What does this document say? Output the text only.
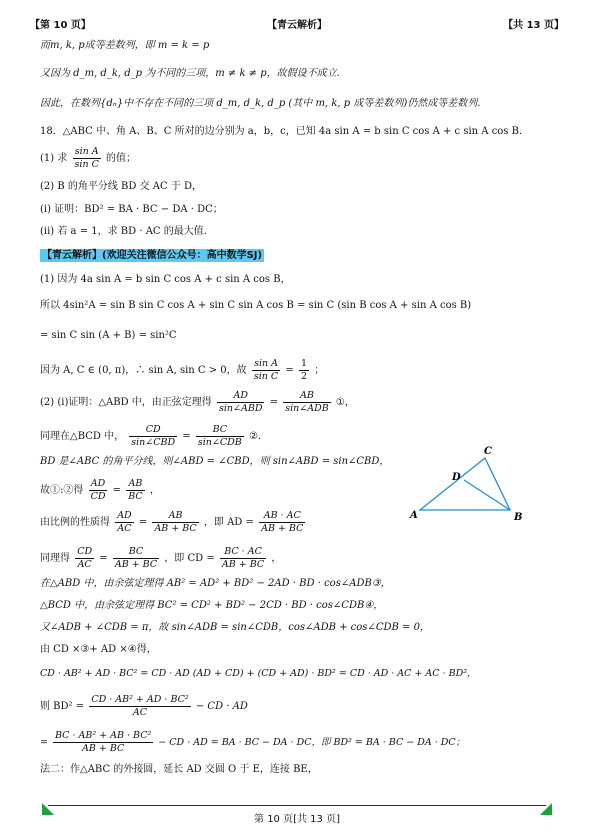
【第 10 页】	【青云解析】	【共 13 页】
而m, k, p成等差数列，即 m = k = p
又因为 d_m, d_k, d_p 为不同的三项，m ≠ k ≠ p，故假设不成立.
因此，在数列{dₙ}中不存在不同的三项 d_m, d_k, d_p (其中 m, k, p 成等差数列)仍然成等差数列.
18．△ABC 中、角 A、B、C 所对的边分别为 a，b，c，已知 4a sin A = b sin C cos A + c sin A cos B．
(1) 求 $\frac{\text{sin A}}{\text{sin C}}$ 的值；
(2) B 的角平分线 BD 交 AC 于 D，
(i) 证明：BD² = BA · BC − DA · DC；
(ii) 若 a = 1，求 BD · AC 的最大值.
【青云解析】(欢迎关注微信公众号：高中数学SJ)
(1) 因为 4a sin A = b sin C cos A + c sin A cos B，
所以 4sin²A = sin B sin C cos A + sin C sin A cos B = sin C (sin B cos A + sin A cos B)
= sin C sin (A + B) = sin²C
因为 A, C ∈ (0, π)，∴ sin A, sin C > 0，故 $\frac{\text{sin A}}{\text{sin C}} = \frac{1}{2}$ ；
(2) (i)证明：△ABD 中，由正弦定理得 $\frac{AD}{\text{sin∠ABD}} = \frac{AB}{\text{sin∠ADB}}$ ①，
同理在△BCD 中， $\frac{CD}{\text{sin∠CBD}} = \frac{BC}{\text{sin∠CDB}}$ ②.
BD 是∠ABC 的角平分线，则∠ABD = ∠CBD，则 sin∠ABD = sin∠CBD，
故①:②得 $\frac{AD}{CD} = \frac{AB}{BC}$ ，
由比例的性质得 $\frac{AD}{AC} = \frac{AB}{AB + BC}$ ，即 AD = $\frac{AB \cdot AC}{AB + BC}$
同理得 $\frac{CD}{AC} = \frac{BC}{AB + BC}$ ，即 CD = $\frac{BC \cdot AC}{AB + BC}$ ，
在△ABD 中，由余弦定理得 AB² = AD² + BD² − 2AD · BD · cos∠ADB③，
△BCD 中，由余弦定理得 BC² = CD² + BD² − 2CD · BD · cos∠CDB④，
又∠ADB + ∠CDB = π，故 sin∠ADB = sin∠CDB，cos∠ADB + cos∠CDB = 0，
由 CD ×③+ AD ×④得，
CD · AB² + AD · BC² = CD · AD (AD + CD) + (CD + AD) · BD² = CD · AD · AC + AC · BD²，
则 $BD^2 = \frac{\text{CD · AB² + AD · BC²}}{AC}$ − CD · AD
= $\frac{\text{BC · AB² + AB · BC²}}{AB + BC}$ − CD · AD = BA · BC − DA · DC，即 BD² = BA · BC − DA · DC；
法二：作△ABC 的外接圆，延长 AD 交圆 O 于 E，连接 BE，
A	B
C
D
第 10 页[共 13 页]
